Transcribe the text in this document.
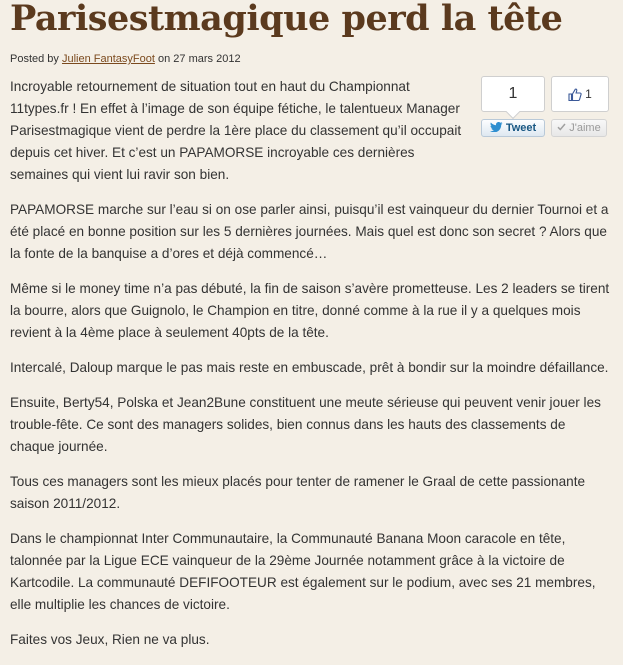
Parisestmagique perd la tête
Posted by Julien FantasyFoot on 27 mars 2012
1	1
Tweet	J'aime

Incroyable retournement de situation tout en haut du Championnat 11types.fr ! En effet à l’image de son équipe fétiche, le talentueux Manager Parisestmagique vient de perdre la 1ère place du classement qu’il occupait depuis cet hiver. Et c’est un PAPAMORSE incroyable ces dernières semaines qui vient lui ravir son bien.

PAPAMORSE marche sur l’eau si on ose parler ainsi, puisqu’il est vainqueur du dernier Tournoi et a été placé en bonne position sur les 5 dernières journées. Mais quel est donc son secret ? Alors que la fonte de la banquise a d’ores et déjà commencé…

Même si le money time n’a pas débuté, la fin de saison s’avère prometteuse. Les 2 leaders se tirent la bourre, alors que Guignolo, le Champion en titre, donné comme à la rue il y a quelques mois revient à la 4ème place à seulement 40pts de la tête.

Intercalé, Daloup marque le pas mais reste en embuscade, prêt à bondir sur la moindre défaillance.

Ensuite, Berty54, Polska et Jean2Bune constituent une meute sérieuse qui peuvent venir jouer les trouble-fête. Ce sont des managers solides, bien connus dans les hauts des classements de chaque journée.

Tous ces managers sont les mieux placés pour tenter de ramener le Graal de cette passionante saison 2011/2012.

Dans le championnat Inter Communautaire, la Communauté Banana Moon caracole en tête, talonnée par la Ligue ECE vainqueur de la 29ème Journée notamment grâce à la victoire de Kartcodile. La communauté DEFIFOOTEUR est également sur le podium, avec ses 21 membres, elle multiplie les chances de victoire.

Faites vos Jeux, Rien ne va plus.
